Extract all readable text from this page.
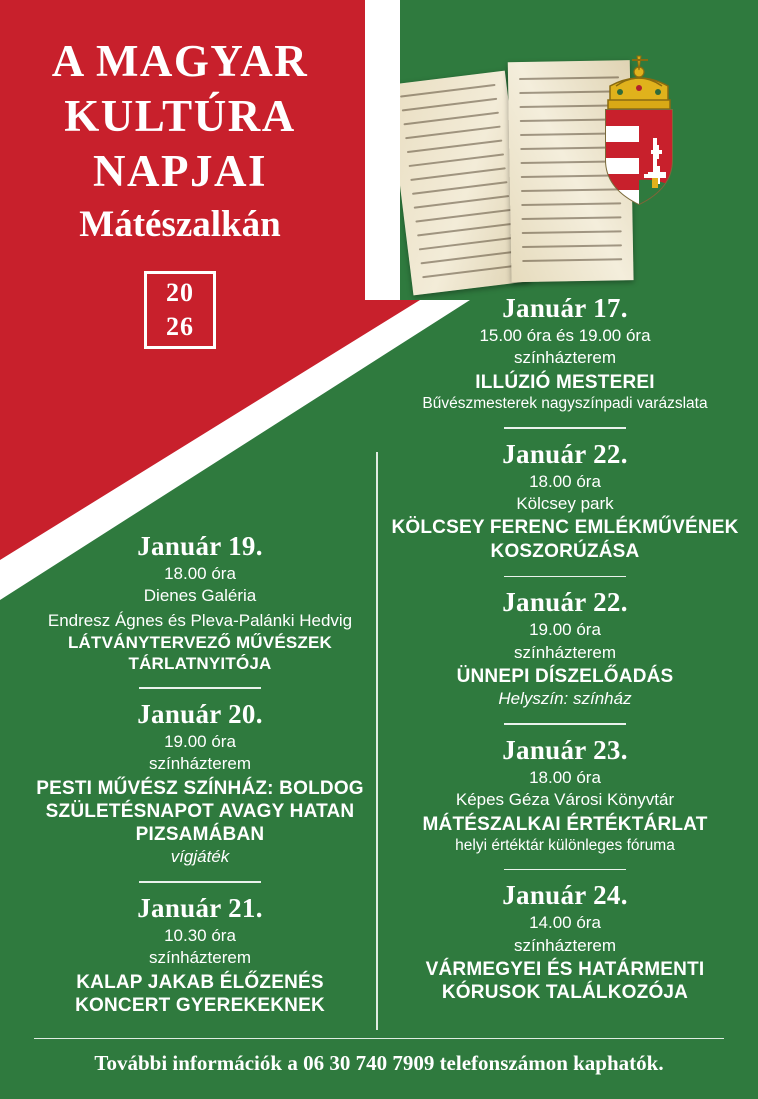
A MAGYAR
KULTÚRA
NAPJAI
Mátészalkán
20
26
Január 17.
15.00 óra és 19.00 óra
színházterem
ILLÚZIÓ MESTEREI
Bűvészmesterek nagyszínpadi varázslata
Január 22.
18.00 óra
Kölcsey park
KÖLCSEY FERENC EMLÉKMŰVÉNEK KOSZORÚZÁSA
Január 22.
19.00 óra
színházterem
ÜNNEPI DÍSZELŐADÁS
Helyszín: színház
Január 23.
18.00 óra
Képes Géza Városi Könyvtár
MÁTÉSZALKAI ÉRTÉKTÁRLAT
helyi értéktár különleges fóruma
Január 24.
14.00 óra
színházterem
VÁRMEGYEI ÉS HATÁRMENTI KÓRUSOK TALÁLKOZÓJA
Január 19.
18.00 óra
Dienes Galéria
Endresz Ágnes és Pleva-Palánki Hedvig
LÁTVÁNYTERVEZŐ MŰVÉSZEK TÁRLATNYITÓJA
Január 20.
19.00 óra
színházterem
PESTI MŰVÉSZ SZÍNHÁZ: BOLDOG SZÜLETÉSNAPOT AVAGY HATAN PIZSAMÁBAN
vígjáték
Január 21.
10.30 óra
színházterem
KALAP JAKAB ÉLŐZENÉS KONCERT GYEREKEKNEK
További információk a 06 30 740 7909 telefonszámon kaphatók.
